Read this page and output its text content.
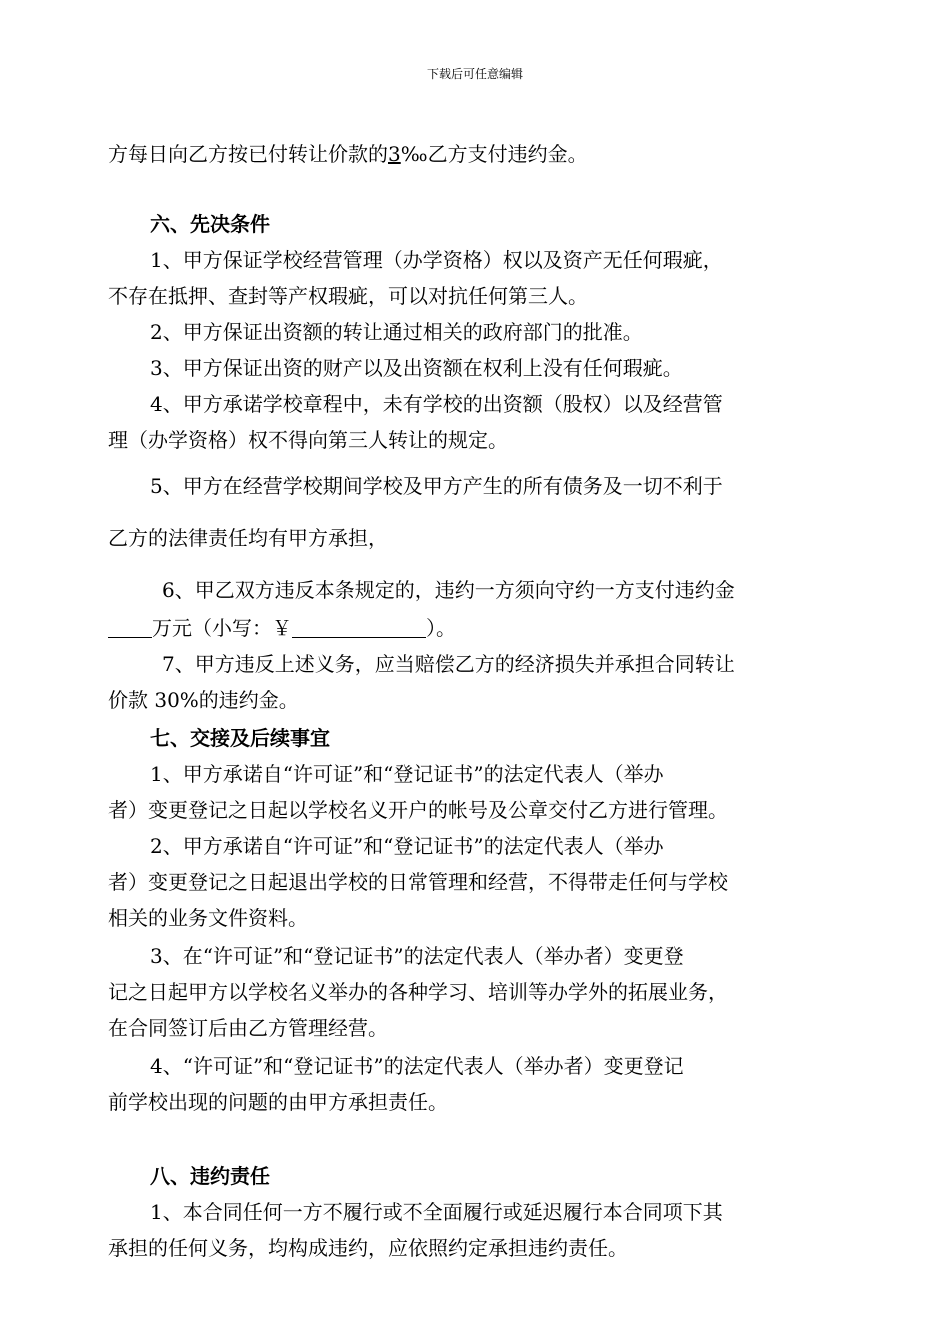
下载后可任意编辑
方每日向乙方按已付转让价款的3‰乙方支付违约金。
六、先决条件
1、甲方保证学校经营管理（办学资格）权以及资产无任何瑕疵，
不存在抵押、查封等产权瑕疵，可以对抗任何第三人。
2、甲方保证出资额的转让通过相关的政府部门的批准。
3、甲方保证出资的财产以及出资额在权利上没有任何瑕疵。
4、甲方承诺学校章程中，未有学校的出资额（股权）以及经营管
理（办学资格）权不得向第三人转让的规定。
5、甲方在经营学校期间学校及甲方产生的所有债务及一切不利于
乙方的法律责任均有甲方承担，
6、甲乙双方违反本条规定的，违约一方须向守约一方支付违约金
万元（小写：￥	）。
7、甲方违反上述义务，应当赔偿乙方的经济损失并承担合同转让
价款 30%的违约金。
七、交接及后续事宜
1、甲方承诺自“许可证”和“登记证书”的法定代表人（举办
者）变更登记之日起以学校名义开户的帐号及公章交付乙方进行管理。
2、甲方承诺自“许可证”和“登记证书”的法定代表人（举办
者）变更登记之日起退出学校的日常管理和经营，不得带走任何与学校
相关的业务文件资料。
3、在“许可证”和“登记证书”的法定代表人（举办者）变更登
记之日起甲方以学校名义举办的各种学习、培训等办学外的拓展业务，
在合同签订后由乙方管理经营。
4、“许可证”和“登记证书”的法定代表人（举办者）变更登记
前学校出现的问题的由甲方承担责任。
八、违约责任
1、本合同任何一方不履行或不全面履行或延迟履行本合同项下其
承担的任何义务，均构成违约，应依照约定承担违约责任。
